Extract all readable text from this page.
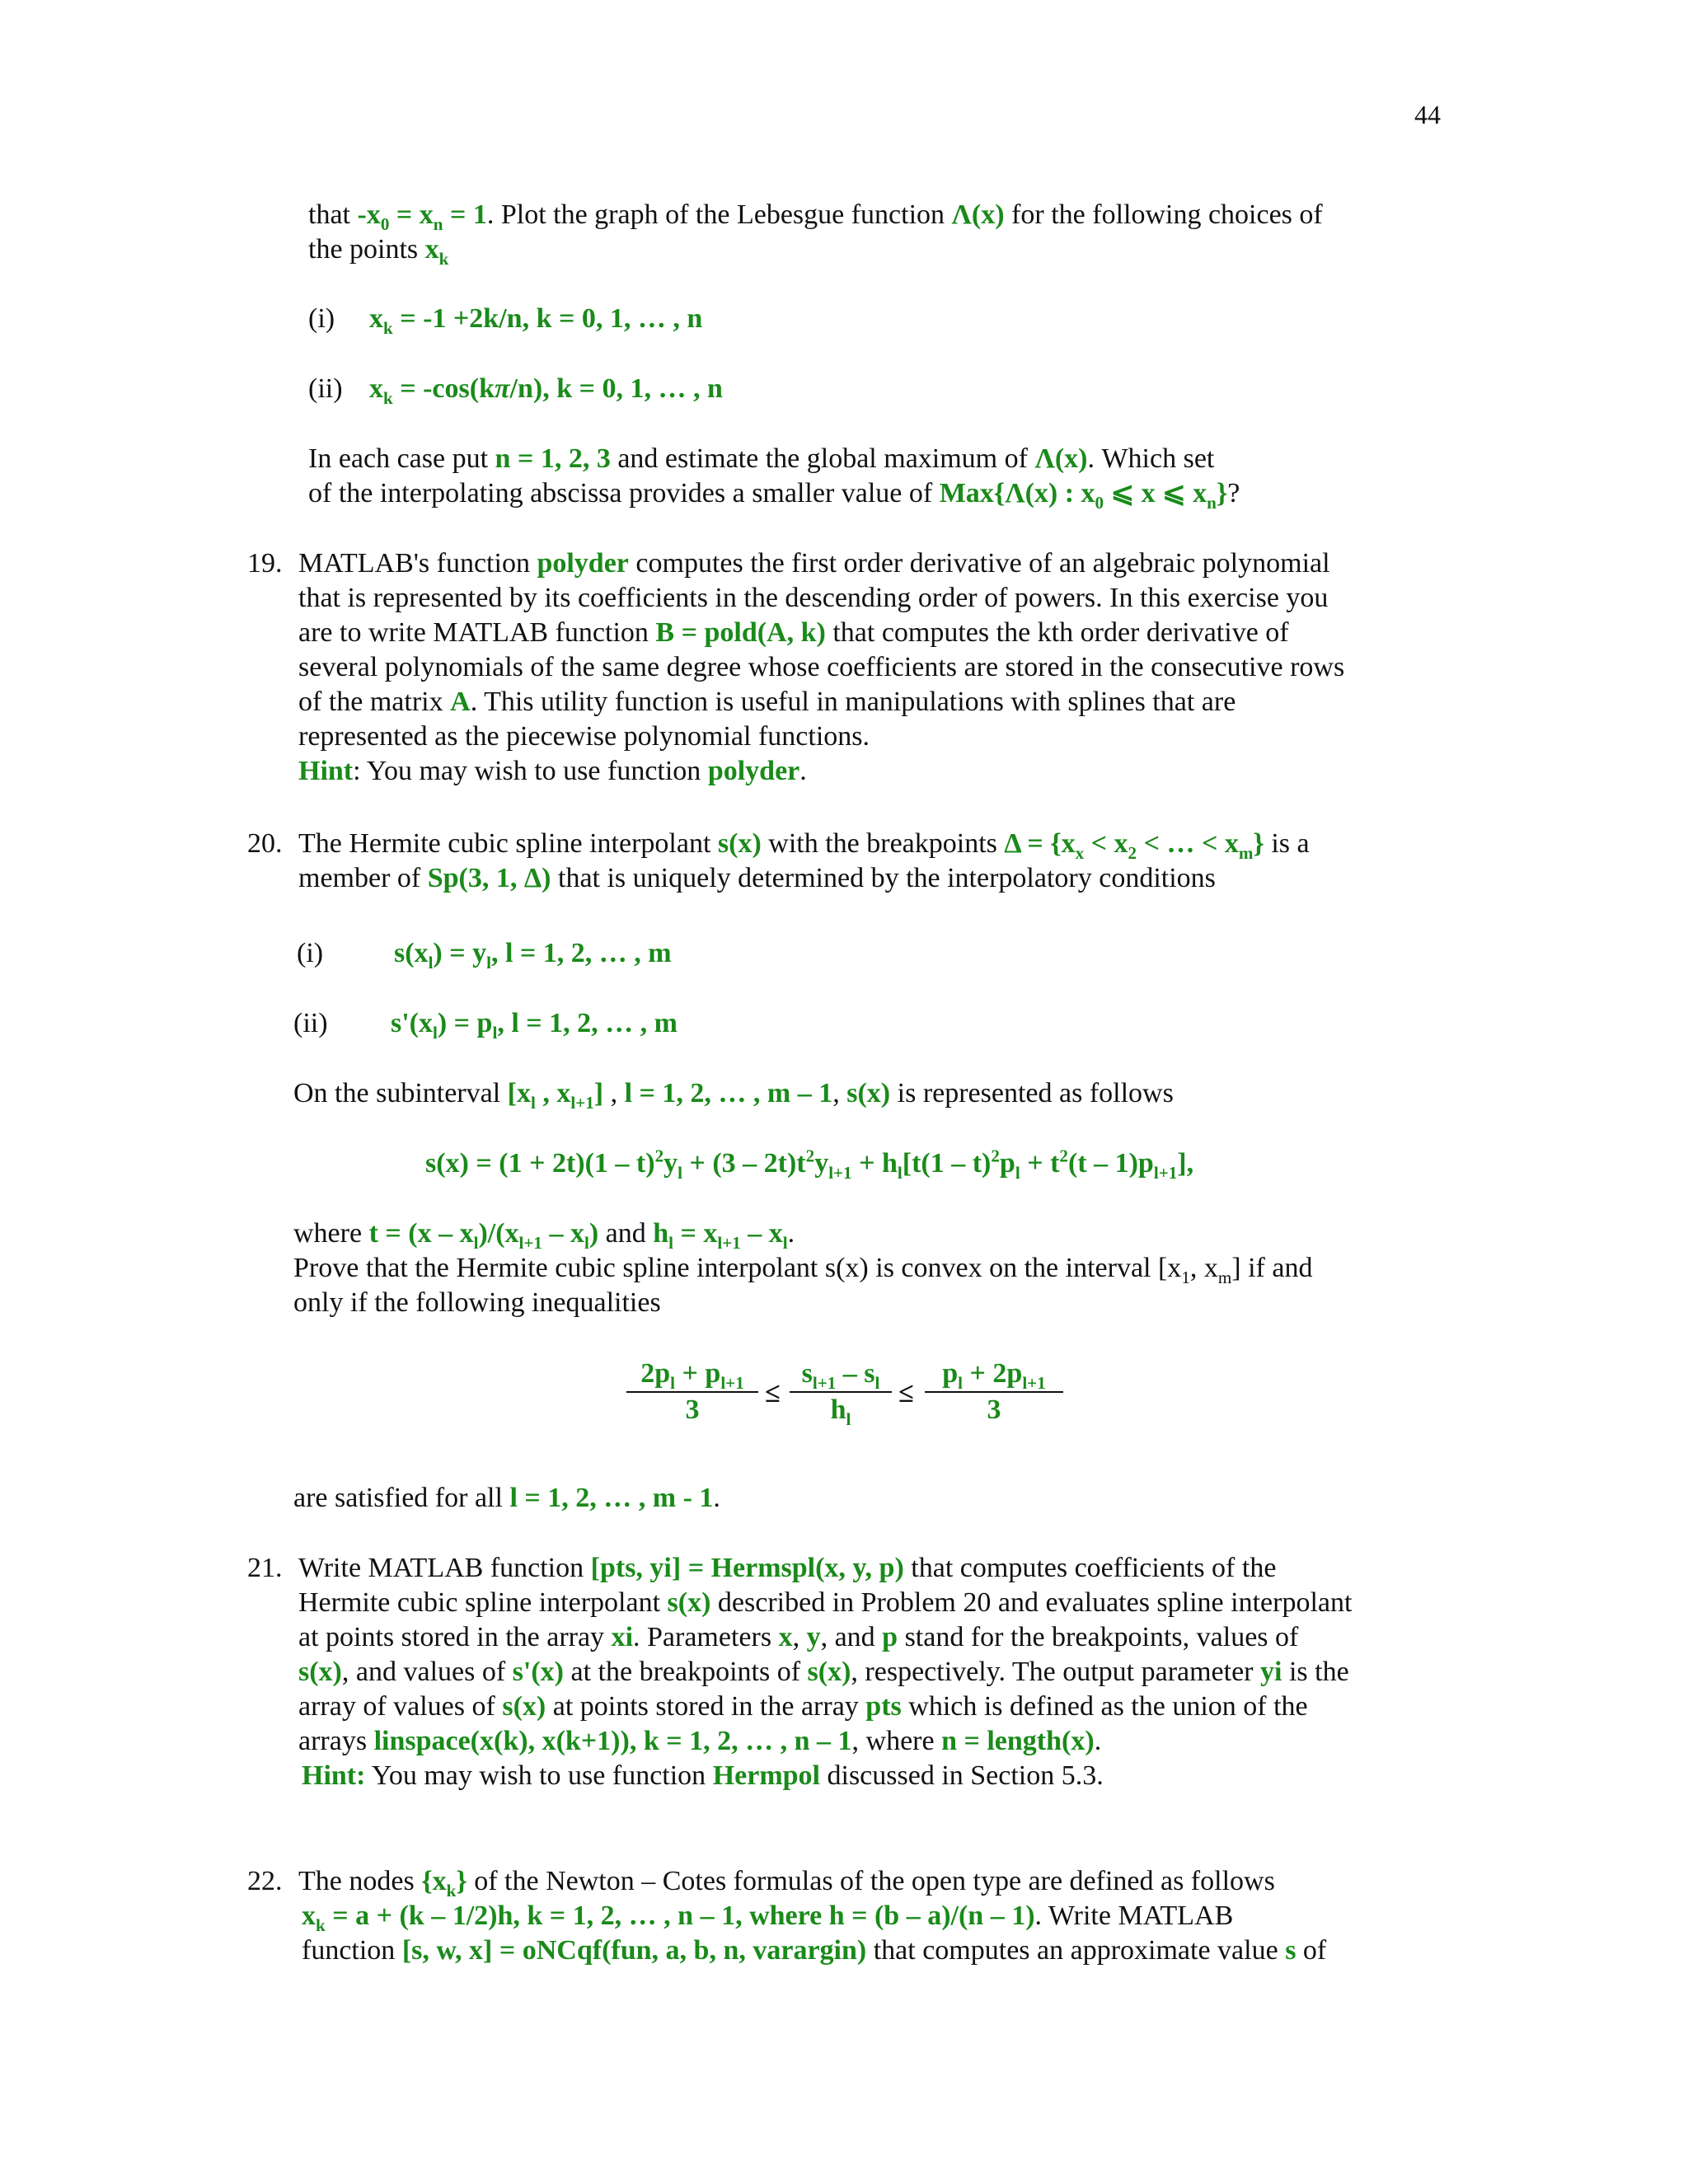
44
that $-x_0 = x_n = 1$. Plot the graph of the Lebesgue function Λ(x) for the following choices of
the points $x_k$
(i) $x_k = -1 +2k/n$, k = 0, 1, … , n
(ii) $x_k = -\cos(k\pi/n)$, k = 0, 1, … , n
In each case put n = 1, 2, 3 and estimate the global maximum of Λ(x). Which set
of the interpolating abscissa provides a smaller value of Max{Λ(x) : $x_0$ ⩽ x ⩽ $x_n$}?
19. MATLAB's function polyder computes the first order derivative of an algebraic polynomial
that is represented by its coefficients in the descending order of powers. In this exercise you
are to write MATLAB function B = pold(A, k) that computes the kth order derivative of
several polynomials of the same degree whose coefficients are stored in the consecutive rows
of the matrix A. This utility function is useful in manipulations with splines that are
represented as the piecewise polynomial functions.
Hint: You may wish to use function polyder.
20. The Hermite cubic spline interpolant s(x) with the breakpoints $\Delta = \{x_x < x_2$ < … < $x_m$} is a
member of Sp(3, 1, Δ) that is uniquely determined by the interpolatory conditions
(i)	$s(x_l) = y_l$, l = 1, 2, … , m
(ii) $s'(x_l) = p_l$, l = 1, 2, … , m
On the subinterval [$x_l$ , $x_{l+1}$] , l = 1, 2, … , m – 1, s(x) is represented as follows
$s(x) = (1 + 2t)(1 - t)^2y_l + (3 - 2t)t^2y_{l+1} + h_l[t(1 - t)^2p_l + t^2(t - 1)p_{l+1}]$,
where $t = (x - x_l)/(x_{l+1} - x_l)$ and $h_l = x_{l+1} - x_l$.
Prove that the Hermite cubic spline interpolant s(x) is convex on the interval [$x_1$, $x_m$] if and
only if the following inequalities
$\frac{2p_l + p_{l+1}}{3} \le \frac{s_{l+1} - s_l}{h_l} \le \frac{p_l + 2p_{l+1}}{3}$
are satisfied for all l = 1, 2, … , m - 1.
21. Write MATLAB function [pts, yi] = Hermspl(x, y, p) that computes coefficients of the
Hermite cubic spline interpolant s(x) described in Problem 20 and evaluates spline interpolant
at points stored in the array xi. Parameters x, y, and p stand for the breakpoints, values of
s(x), and values of s'(x) at the breakpoints of s(x), respectively. The output parameter yi is the
array of values of s(x) at points stored in the array pts which is defined as the union of the
arrays linspace(x(k), x(k+1)), k = 1, 2, … , n – 1, where n = length(x).
Hint: You may wish to use function Hermpol discussed in Section 5.3.
22. The nodes $\{x_k\}$ of the Newton – Cotes formulas of the open type are defined as follows
$x_k = a + (k - 1/2)h$, k = 1, 2, … , n – 1, where h = (b – a)/(n – 1). Write MATLAB
function [s, w, x] = oNCqf(fun, a, b, n, varargin) that computes an approximate value s of
